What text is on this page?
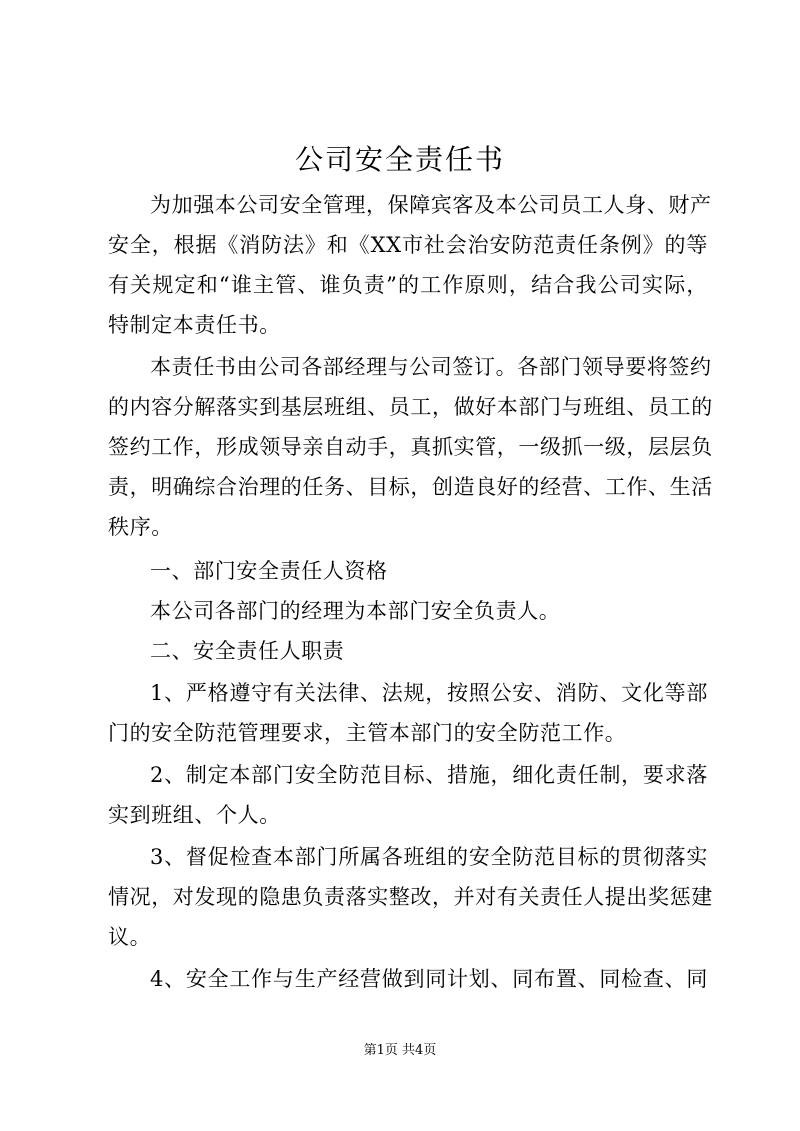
公司安全责任书
为加强本公司安全管理，保障宾客及本公司员工人身、财产
安全，根据《消防法》和《XX市社会治安防范责任条例》的等
有关规定和“谁主管、谁负责”的工作原则，结合我公司实际，
特制定本责任书。
本责任书由公司各部经理与公司签订。各部门领导要将签约
的内容分解落实到基层班组、员工，做好本部门与班组、员工的
签约工作，形成领导亲自动手，真抓实管，一级抓一级，层层负
责，明确综合治理的任务、目标，创造良好的经营、工作、生活
秩序。
一、部门安全责任人资格
本公司各部门的经理为本部门安全负责人。
二、安全责任人职责
1、严格遵守有关法律、法规，按照公安、消防、文化等部
门的安全防范管理要求，主管本部门的安全防范工作。
2、制定本部门安全防范目标、措施，细化责任制，要求落
实到班组、个人。
3、督促检查本部门所属各班组的安全防范目标的贯彻落实
情况，对发现的隐患负责落实整改，并对有关责任人提出奖惩建
议。
4、安全工作与生产经营做到同计划、同布置、同检查、同
第1页 共4页
